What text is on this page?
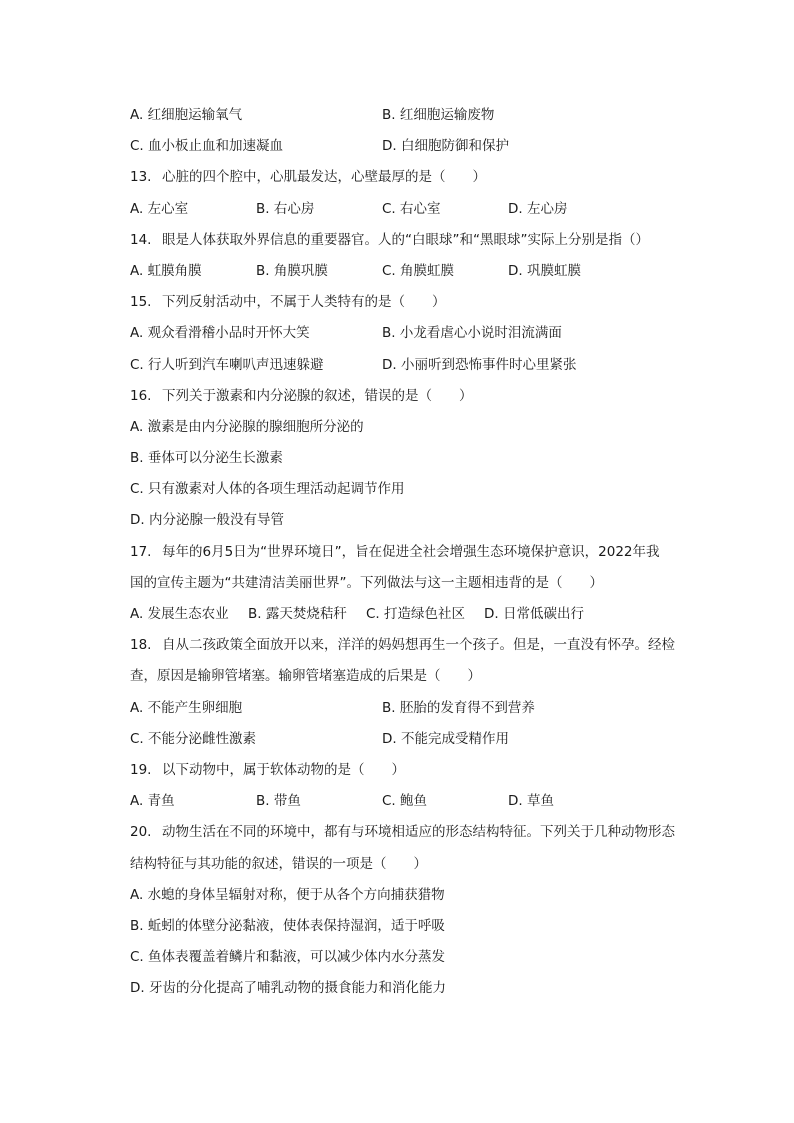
A. 红细胞运输氧气	B. 红细胞运输废物
C. 血小板止血和加速凝血	D. 白细胞防御和保护
13. 心脏的四个腔中，心肌最发达，心壁最厚的是（　　）
A. 左心室	B. 右心房	C. 右心室	D. 左心房
14. 眼是人体获取外界信息的重要器官。人的“白眼球”和“黑眼球”实际上分别是指（）
A. 虹膜角膜	B. 角膜巩膜	C. 角膜虹膜	D. 巩膜虹膜
15. 下列反射活动中，不属于人类特有的是（　　）
A. 观众看滑稽小品时开怀大笑	B. 小龙看虐心小说时泪流满面
C. 行人听到汽车喇叭声迅速躲避	D. 小丽听到恐怖事件时心里紧张
16. 下列关于激素和内分泌腺的叙述，错误的是（　　）
A. 激素是由内分泌腺的腺细胞所分泌的
B. 垂体可以分泌生长激素
C. 只有激素对人体的各项生理活动起调节作用
D. 内分泌腺一般没有导管
17. 每年的6月5日为“世界环境日”，旨在促进全社会增强生态环境保护意识，2022年我
国的宣传主题为“共建清洁美丽世界”。下列做法与这一主题相违背的是（　　）
A. 发展生态农业	B. 露天焚烧秸秆	C. 打造绿色社区	D. 日常低碳出行
18. 自从二孩政策全面放开以来，洋洋的妈妈想再生一个孩子。但是，一直没有怀孕。经检
查，原因是输卵管堵塞。输卵管堵塞造成的后果是（　　）
A. 不能产生卵细胞	B. 胚胎的发育得不到营养
C. 不能分泌雌性激素	D. 不能完成受精作用
19. 以下动物中，属于软体动物的是（　　）
A. 青鱼	B. 带鱼	C. 鲍鱼	D. 草鱼
20. 动物生活在不同的环境中，都有与环境相适应的形态结构特征。下列关于几种动物形态
结构特征与其功能的叙述，错误的一项是（　　）
A. 水螅的身体呈辐射对称，便于从各个方向捕获猎物
B. 蚯蚓的体壁分泌黏液，使体表保持湿润，适于呼吸
C. 鱼体表覆盖着鳞片和黏液，可以减少体内水分蒸发
D. 牙齿的分化提高了哺乳动物的摄食能力和消化能力
